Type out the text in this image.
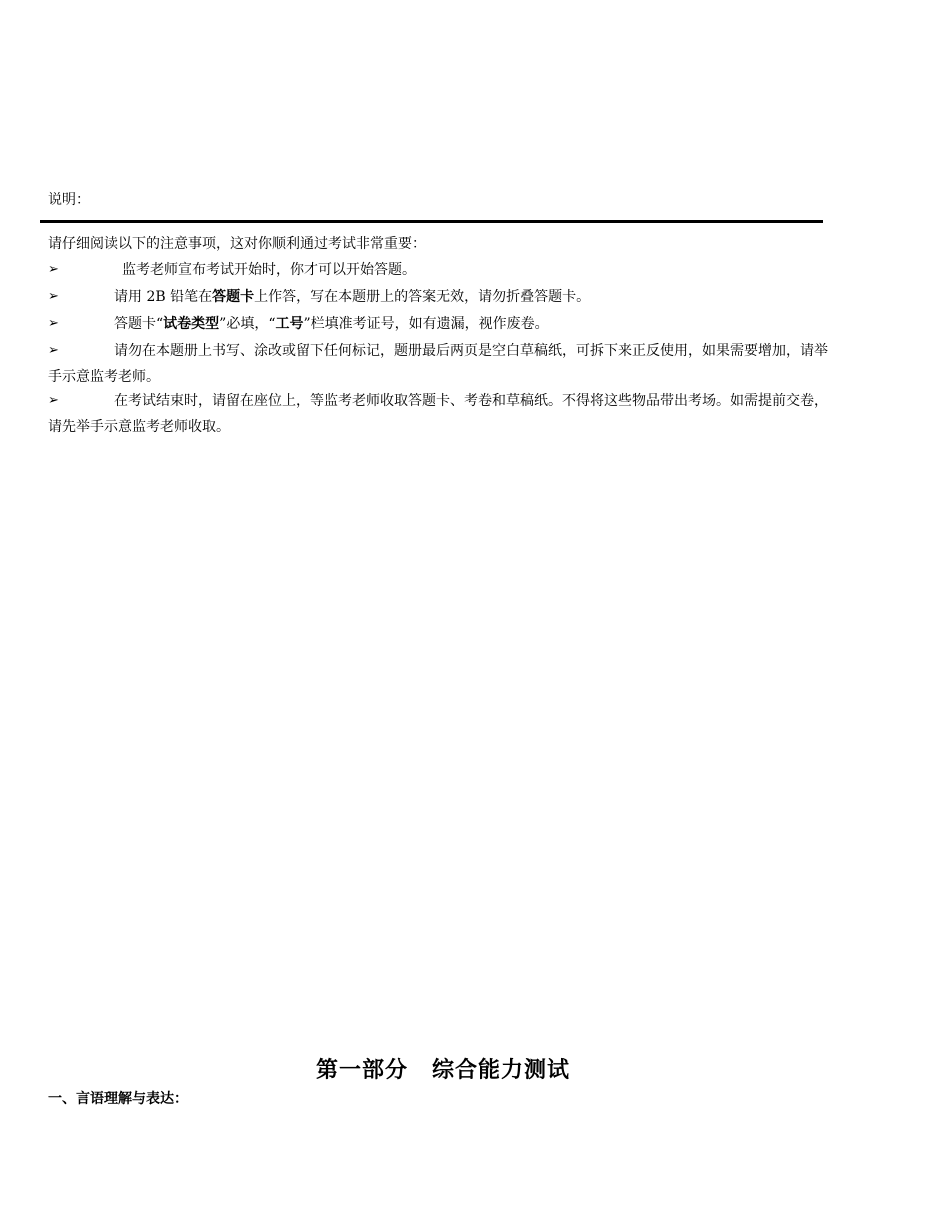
说明：
请仔细阅读以下的注意事项，这对你顺利通过考试非常重要：
➢	监考老师宣布考试开始时，你才可以开始答题。
➢	请用 2B 铅笔在答题卡上作答，写在本题册上的答案无效，请勿折叠答题卡。
➢	答题卡“试卷类型”必填，“工号”栏填准考证号，如有遗漏，视作废卷。
➢	请勿在本题册上书写、涂改或留下任何标记，题册最后两页是空白草稿纸，可拆下来正反使用，如果需要增加，请举手示意监考老师。
➢	在考试结束时，请留在座位上，等监考老师收取答题卡、考卷和草稿纸。不得将这些物品带出考场。如需提前交卷，请先举手示意监考老师收取。
第一部分 综合能力测试
一、言语理解与表达：
